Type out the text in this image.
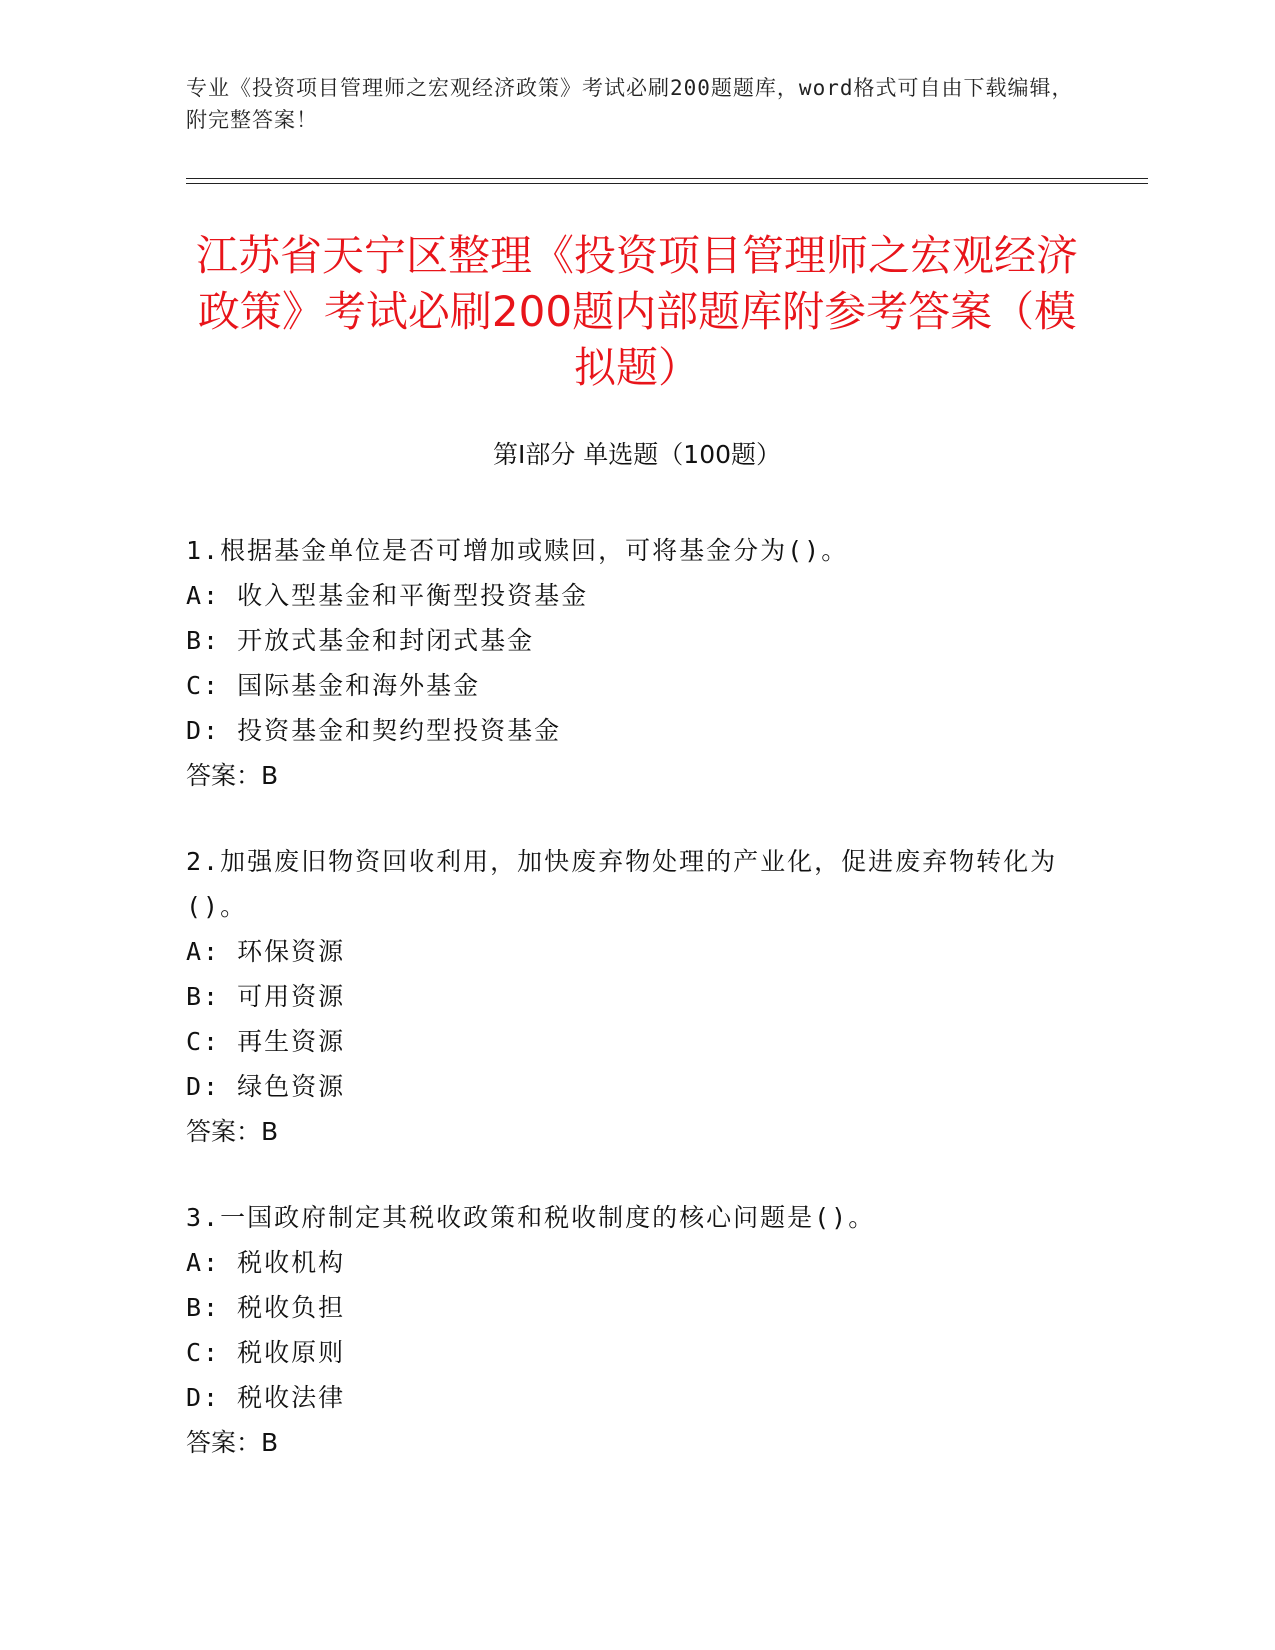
专业《投资项目管理师之宏观经济政策》考试必刷200题题库，word格式可自由下载编辑，附完整答案！
江苏省天宁区整理《投资项目管理师之宏观经济政策》考试必刷200题内部题库附参考答案（模拟题）
第Ⅰ部分 单选题（100题）
1.根据基金单位是否可增加或赎回，可将基金分为()。
A: 收入型基金和平衡型投资基金
B: 开放式基金和封闭式基金
C: 国际基金和海外基金
D: 投资基金和契约型投资基金
答案：B
2.加强废旧物资回收利用，加快废弃物处理的产业化，促进废弃物转化为()。
A: 环保资源
B: 可用资源
C: 再生资源
D: 绿色资源
答案：B
3.一国政府制定其税收政策和税收制度的核心问题是()。
A: 税收机构
B: 税收负担
C: 税收原则
D: 税收法律
答案：B
